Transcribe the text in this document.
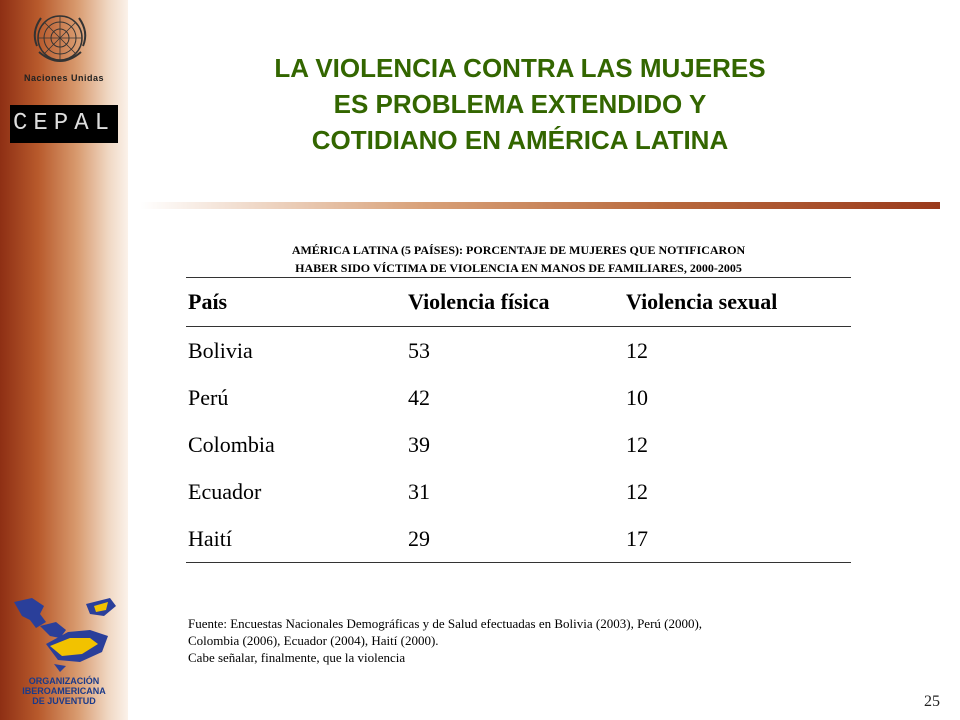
Naciones Unidas
CEPAL
ORGANIZACIÓN
IBEROAMERICANA
DE JUVENTUD
LA VIOLENCIA CONTRA LAS MUJERES
ES PROBLEMA EXTENDIDO Y
COTIDIANO EN AMÉRICA LATINA
AMÉRICA LATINA (5 PAÍSES): PORCENTAJE DE MUJERES QUE NOTIFICARON
HABER SIDO VÍCTIMA DE VIOLENCIA EN MANOS DE FAMILIARES, 2000-2005
País	Violencia física	Violencia sexual
Bolivia	53	12
Perú	42	10
Colombia	39	12
Ecuador	31	12
Haití	29	17
Fuente: Encuestas Nacionales Demográficas y de Salud efectuadas en Bolivia (2003), Perú (2000),
Colombia (2006), Ecuador (2004), Haití (2000).
Cabe señalar, finalmente, que la violencia
25
